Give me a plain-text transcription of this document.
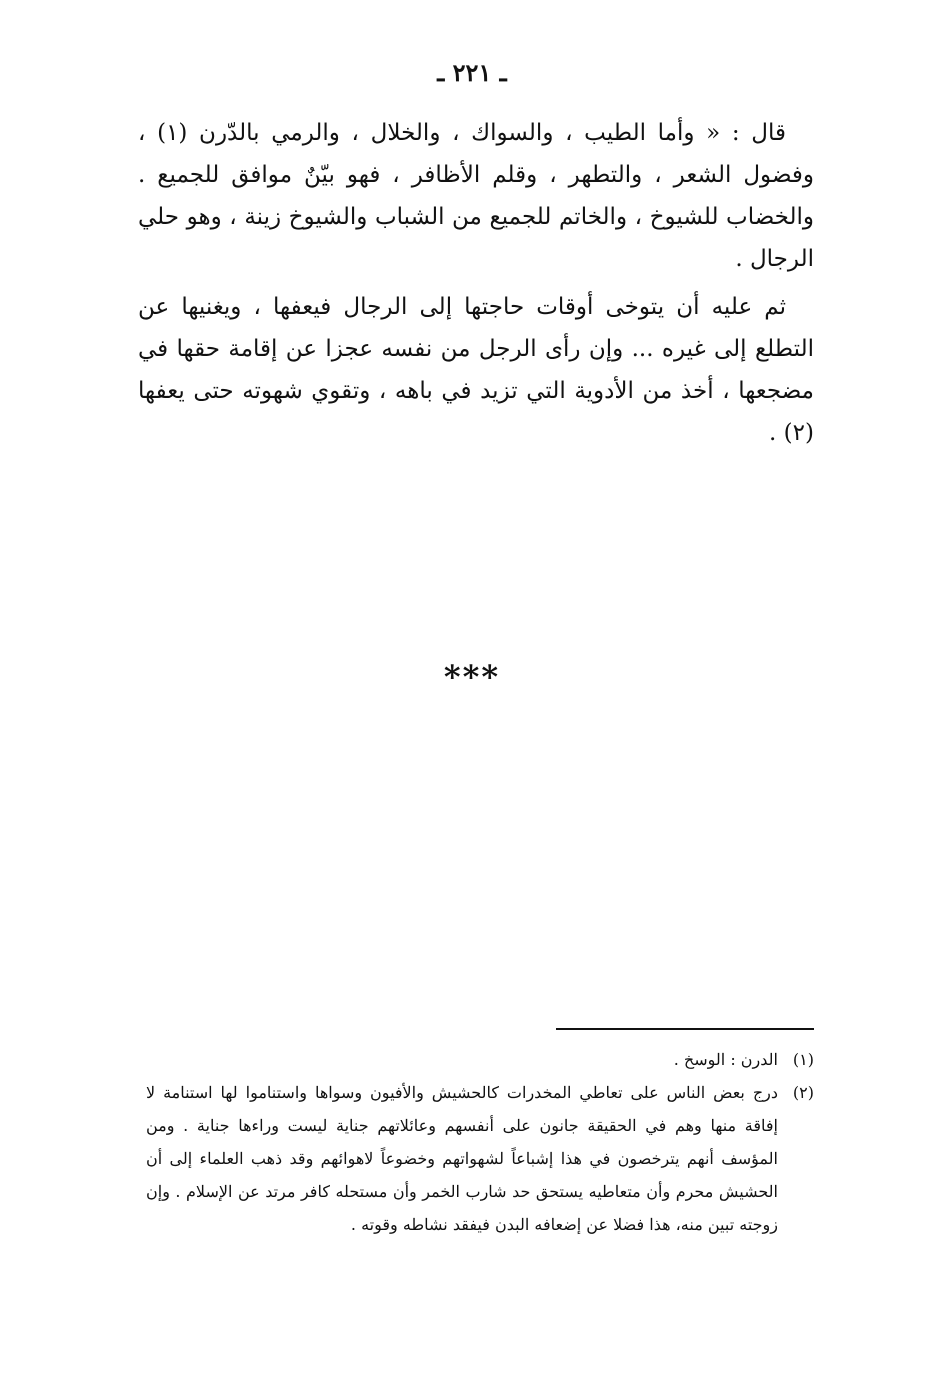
ـ ٢٢١ ـ

قال : « وأما الطيب ، والسواك ، والخلال ، والرمي بالدّرن (١) ، وفضول الشعر ، والتطهر ، وقلم الأظافر ، فهو بيّنٌ موافق للجميع . والخضاب للشيوخ ، والخاتم للجميع من الشباب والشيوخ زينة ، وهو حلي الرجال .

ثم عليه أن يتوخى أوقات حاجتها إلى الرجال فيعفها ، ويغنيها عن التطلع إلى غيره ... وإن رأى الرجل من نفسه عجزا عن إقامة حقها في مضجعها ، أخذ من الأدوية التي تزيد في باهه ، وتقوي شهوته حتى يعفها (٢) .

***
(١)
الدرن : الوسخ .
(٢)
درج بعض الناس على تعاطي المخدرات كالحشيش والأفيون وسواها واستناموا لها استنامة لا إفاقة منها وهم في الحقيقة جانون على أنفسهم وعائلاتهم جناية ليست وراءها جناية . ومن المؤسف أنهم يترخصون في هذا إشباعاً لشهواتهم وخضوعاً لاهوائهم وقد ذهب العلماء إلى أن الحشيش محرم وأن متعاطيه يستحق حد شارب الخمر وأن مستحله كافر مرتد عن الإسلام . وإن زوجته تبين منه، هذا فضلا عن إضعافه البدن فيفقد نشاطه وقوته .
